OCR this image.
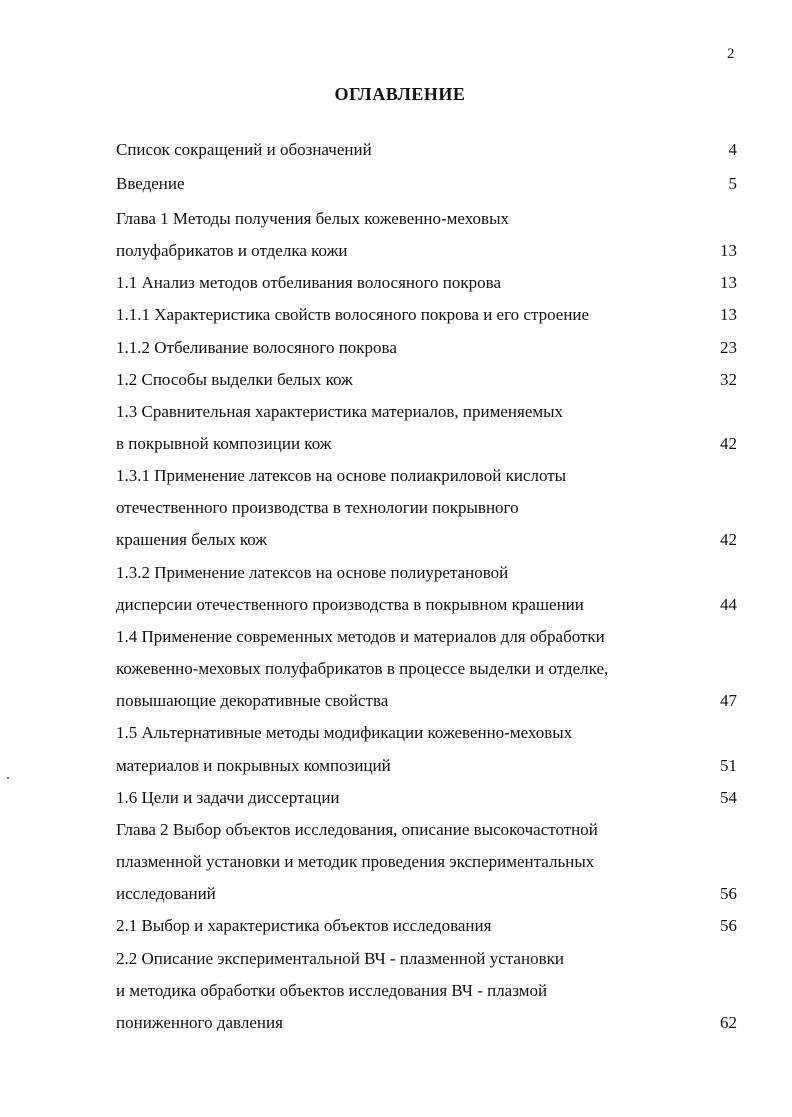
2
ОГЛАВЛЕНИЕ
Список сокращений и обозначений	4
Введение	5
Глава 1 Методы получения белых кожевенно-меховых
полуфабрикатов и отделка кожи	13
1.1 Анализ методов отбеливания волосяного покрова	13
1.1.1 Характеристика свойств волосяного покрова и его строение	13
1.1.2 Отбеливание волосяного покрова	23
1.2 Способы выделки белых кож	32
1.3 Сравнительная характеристика материалов, применяемых
в покрывной композиции кож	42
1.3.1 Применение латексов на основе полиакриловой кислоты
отечественного производства в технологии покрывного
крашения белых кож	42
1.3.2 Применение латексов на основе полиуретановой
дисперсии отечественного производства в покрывном крашении	44
1.4 Применение современных методов и материалов для обработки
кожевенно-меховых полуфабрикатов в процессе выделки и отделке,
повышающие декоративные свойства	47
1.5 Альтернативные методы модификации кожевенно-меховых
материалов и покрывных композиций	51
1.6 Цели и задачи диссертации	54
Глава 2 Выбор объектов исследования, описание высокочастотной
плазменной установки и методик проведения экспериментальных
исследований	56
2.1 Выбор и характеристика объектов исследования	56
2.2 Описание экспериментальной ВЧ - плазменной установки
и методика обработки объектов исследования ВЧ - плазмой
пониженного давления	62
